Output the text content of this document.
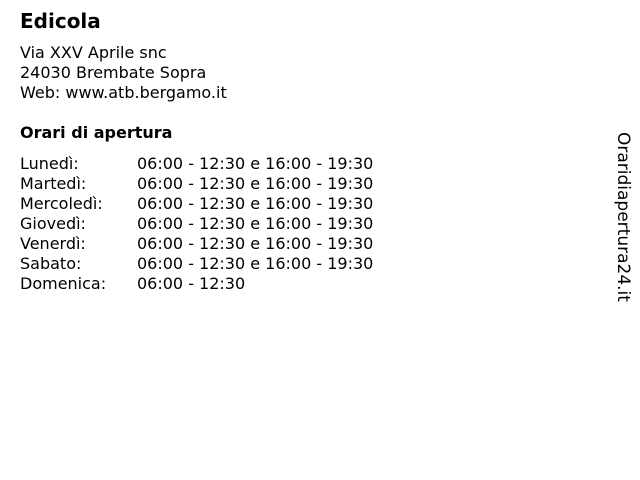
Edicola
Via XXV Aprile snc
24030 Brembate Sopra
Web: www.atb.bergamo.it
Orari di apertura
Lunedì:	06:00 - 12:30 e 16:00 - 19:30
Martedì:	06:00 - 12:30 e 16:00 - 19:30
Mercoledì:	06:00 - 12:30 e 16:00 - 19:30
Giovedì:	06:00 - 12:30 e 16:00 - 19:30
Venerdì:	06:00 - 12:30 e 16:00 - 19:30
Sabato:	06:00 - 12:30 e 16:00 - 19:30
Domenica:	06:00 - 12:30	Oraridiapertura24.it
